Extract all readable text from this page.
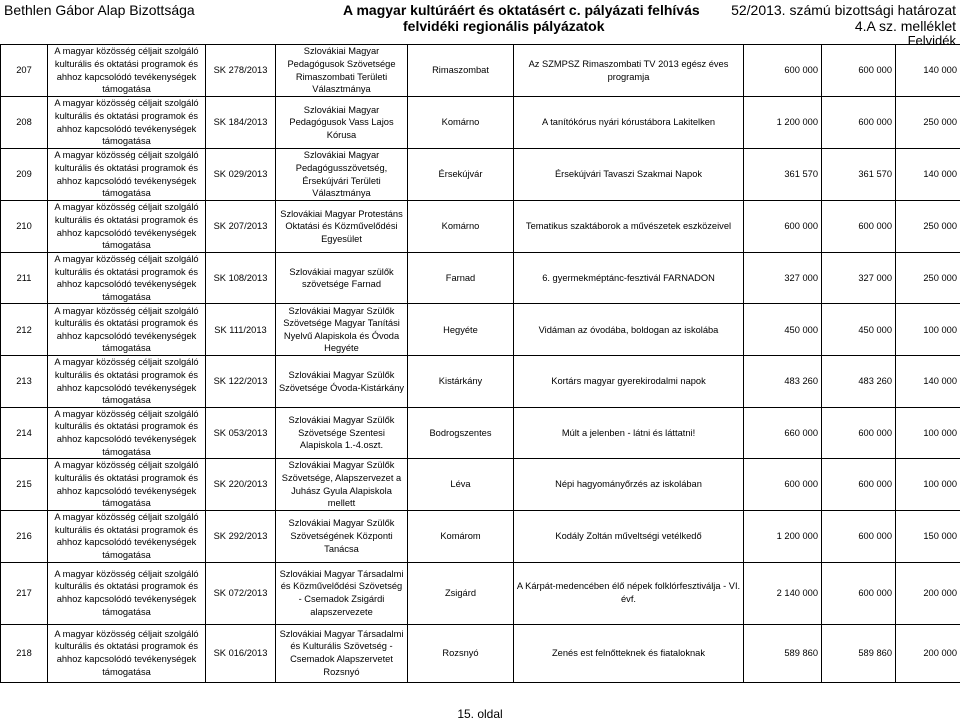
Bethlen Gábor Alap Bizottsága	A magyar kultúráért és oktatásért c. pályázati felhívás
felvidéki regionális pályázatok
52/2013. számú bizottsági határozat
4.A sz. melléklet
Felvidék
207	A magyar közösség céljait szolgáló kulturális és oktatási programok és ahhoz kapcsolódó tevékenységek támogatása	SK 278/2013	Szlovákiai Magyar Pedagógusok Szövetsége Rimaszombati Területi Választmánya	Rimaszombat	Az SZMPSZ Rimaszombati TV 2013 egész éves programja	600 000	600 000	140 000
208	A magyar közösség céljait szolgáló kulturális és oktatási programok és ahhoz kapcsolódó tevékenységek támogatása	SK 184/2013	Szlovákiai Magyar Pedagógusok Vass Lajos Kórusa	Komárno	A tanítókórus nyári kórustábora Lakitelken	1 200 000	600 000	250 000
209	A magyar közösség céljait szolgáló kulturális és oktatási programok és ahhoz kapcsolódó tevékenységek támogatása	SK 029/2013	Szlovákiai Magyar Pedagógusszövetség, Érsekújvári Területi Választmánya	Érsekújvár	Érsekújvári Tavaszi Szakmai Napok	361 570	361 570	140 000
210	A magyar közösség céljait szolgáló kulturális és oktatási programok és ahhoz kapcsolódó tevékenységek támogatása	SK 207/2013	Szlovákiai Magyar Protestáns Oktatási és Közművelődési Egyesület	Komárno	Tematikus szaktáborok a művészetek eszközeivel	600 000	600 000	250 000
211	A magyar közösség céljait szolgáló kulturális és oktatási programok és ahhoz kapcsolódó tevékenységek támogatása	SK 108/2013	Szlovákiai magyar szülők szövetsége Farnad	Farnad	6. gyermekméptánc-fesztivál FARNADON	327 000	327 000	250 000
212	A magyar közösség céljait szolgáló kulturális és oktatási programok és ahhoz kapcsolódó tevékenységek támogatása	SK 111/2013	Szlovákiai Magyar Szülők Szövetsége Magyar Tanítási Nyelvű Alapiskola és Óvoda Hegyéte	Hegyéte	Vidáman az óvodába, boldogan az iskolába	450 000	450 000	100 000
213	A magyar közösség céljait szolgáló kulturális és oktatási programok és ahhoz kapcsolódó tevékenységek támogatása	SK 122/2013	Szlovákiai Magyar Szülők Szövetsége Óvoda-Kistárkány	Kistárkány	Kortárs magyar gyerekirodalmi napok	483 260	483 260	140 000
214	A magyar közösség céljait szolgáló kulturális és oktatási programok és ahhoz kapcsolódó tevékenységek támogatása	SK 053/2013	Szlovákiai Magyar Szülők Szövetsége Szentesi Alapiskola 1.-4.oszt.	Bodrogszentes	Múlt a jelenben - látni és láttatni!	660 000	600 000	100 000
215	A magyar közösség céljait szolgáló kulturális és oktatási programok és ahhoz kapcsolódó tevékenységek támogatása	SK 220/2013	Szlovákiai Magyar Szülők Szövetsége, Alapszervezet a Juhász Gyula Alapiskola mellett	Léva	Népi hagyományőrzés az iskolában	600 000	600 000	100 000
216	A magyar közösség céljait szolgáló kulturális és oktatási programok és ahhoz kapcsolódó tevékenységek támogatása	SK 292/2013	Szlovákiai Magyar Szülők Szövetségének Központi Tanácsa	Komárom	Kodály Zoltán műveltségi vetélkedő	1 200 000	600 000	150 000
217	A magyar közösség céljait szolgáló kulturális és oktatási programok és ahhoz kapcsolódó tevékenységek támogatása	SK 072/2013	Szlovákiai Magyar Társadalmi és Közművelődési Szövetség - Csemadok Zsigárdi alapszervezete	Zsigárd	A Kárpát-medencében élő népek folklórfesztiválja - VI. évf.	2 140 000	600 000	200 000
218	A magyar közösség céljait szolgáló kulturális és oktatási programok és ahhoz kapcsolódó tevékenységek támogatása	SK 016/2013	Szlovákiai Magyar Társadalmi és Kulturális Szövetség - Csemadok Alapszervetet Rozsnyó	Rozsnyó	Zenés est felnőtteknek és fiataloknak	589 860	589 860	200 000
15. oldal
